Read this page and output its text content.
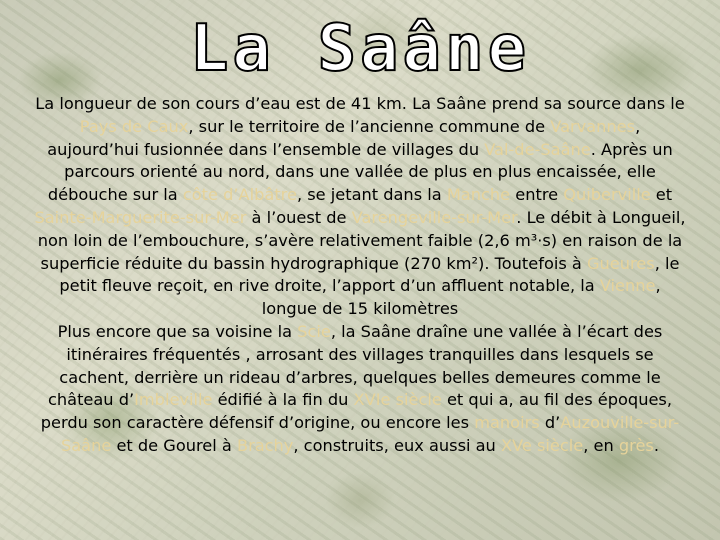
La Saâne
La longueur de son cours d’eau est de 41 km. La Saâne prend sa source dans le Pays de Caux, sur le territoire de l’ancienne commune de Varvannes, aujourd’hui fusionnée dans l’ensemble de villages du Val-de-Saâne. Après un parcours orienté au nord, dans une vallée de plus en plus encaissée, elle débouche sur la côte d’Albâtre, se jetant dans la Manche entre Quiberville et Sainte-Marguerite-sur-Mer à l’ouest de Varengeville-sur-Mer. Le débit à Longueil, non loin de l’embouchure, s’avère relativement faible (2,6 m³·s) en raison de la superficie réduite du bassin hydrographique (270 km²). Toutefois à Gueures, le petit fleuve reçoit, en rive droite, l’apport d’un affluent notable, la Vienne,
longue de 15 kilomètres
Plus encore que sa voisine la Scie, la Saâne draîne une vallée à l’écart des itinéraires fréquentés , arrosant des villages tranquilles dans lesquels se cachent, derrière un rideau d’arbres, quelques belles demeures comme le château d’Imbleville édifié à la fin du XVIe siècle et qui a, au fil des époques, perdu son caractère défensif d’origine, ou encore les manoirs d’Auzouville-sur-Saâne et de Gourel à Brachy, construits, eux aussi au XVe siècle, en grès.
